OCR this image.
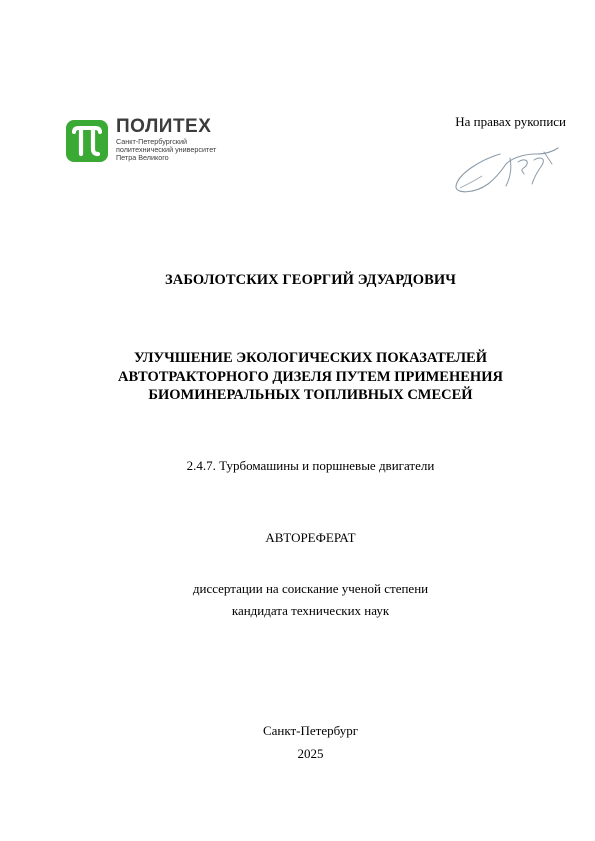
ПОЛИТЕХ
Санкт-Петербургский
политехнический университет
Петра Великого
На правах рукописи
ЗАБОЛОТСКИХ ГЕОРГИЙ ЭДУАРДОВИЧ
УЛУЧШЕНИЕ ЭКОЛОГИЧЕСКИХ ПОКАЗАТЕЛЕЙ
АВТОТРАКТОРНОГО ДИЗЕЛЯ ПУТЕМ ПРИМЕНЕНИЯ
БИОМИНЕРАЛЬНЫХ ТОПЛИВНЫХ СМЕСЕЙ
2.4.7. Турбомашины и поршневые двигатели
АВТОРЕФЕРАТ
диссертации на соискание ученой степени
кандидата технических наук
Санкт-Петербург
2025
